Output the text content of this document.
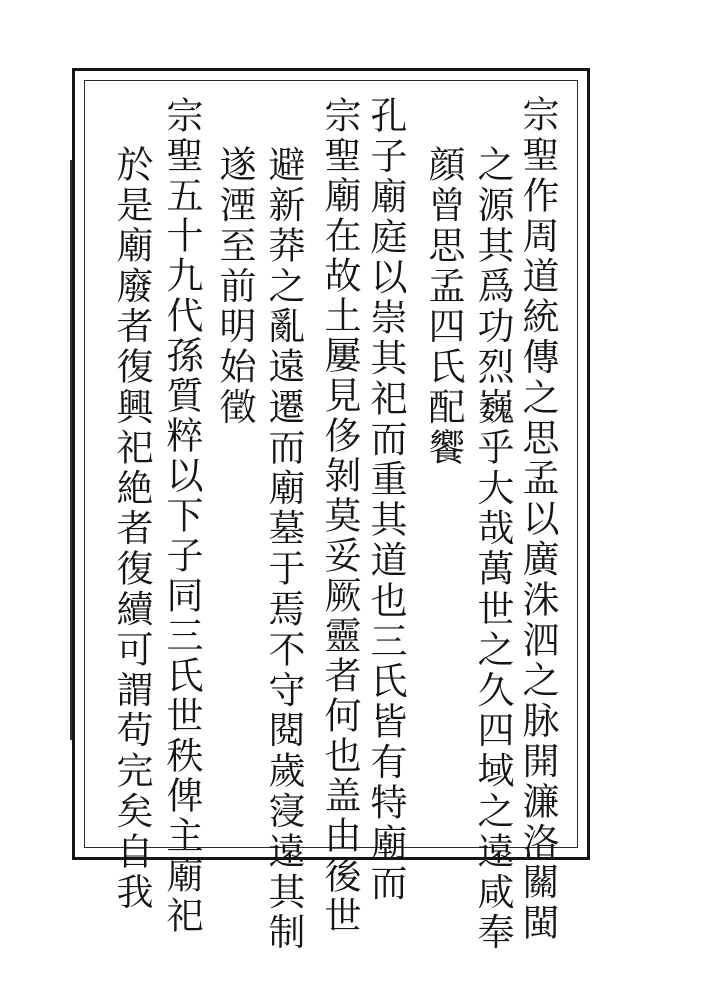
宗聖作周道統傳之思孟以廣洙泗之脉開濂洛關閩
之源其爲功烈巍乎大哉萬世之久四域之遠咸奉
顔曾思孟四氏配饗
孔子廟庭以崇其祀而重其道也三氏皆有特廟而
宗聖廟在故土屢見侈剝莫妥厥靈者何也盖由後世
避新莽之亂遠遷而廟墓于焉不守閱歲寖遠其制
遂湮至前明始徵
宗聖五十九代孫質粹以下子同三氏世秩俾主廟祀
於是廟廢者復興祀絶者復續可謂苟完矣自我
